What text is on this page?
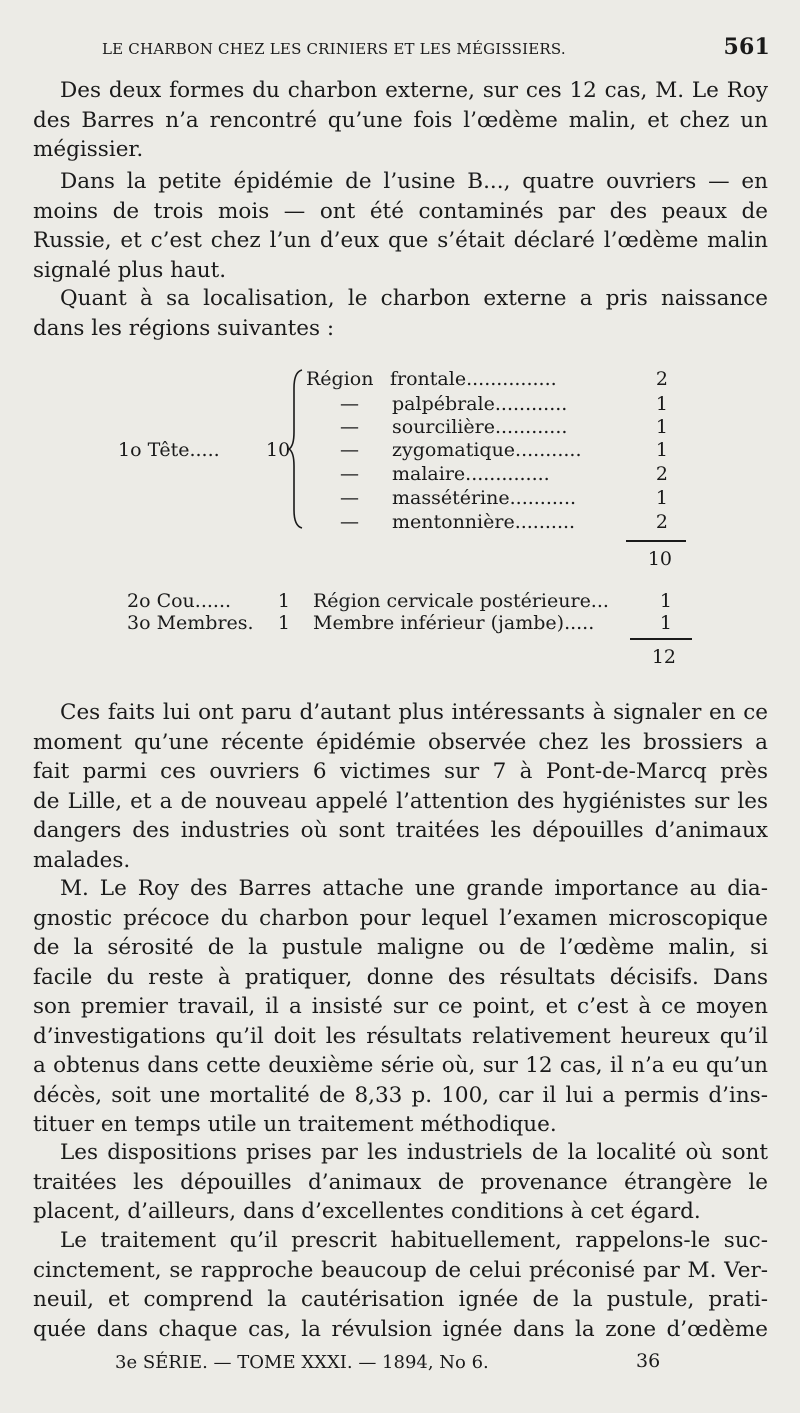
LE CHARBON CHEZ LES CRINIERS ET LES MÉGISSIERS.	561

Des deux formes du charbon externe, sur ces 12 cas, M. Le Roy
des Barres n’a rencontré qu’une fois l’œdème malin, et chez un
mégissier.

Dans la petite épidémie de l’usine B..., quatre ouvriers — en
moins de trois mois — ont été contaminés par des peaux de
Russie, et c’est chez l’un d’eux que s’était déclaré l’œdème malin
signalé plus haut.

Quant à sa localisation, le charbon externe a pris naissance
dans les régions suivantes :

1o Tête..... 10
Région frontale...............	2
— palpébrale............	1
— sourcilière............	1
— zygomatique...........	1
— malaire..............	2
— massétérine...........	1
— mentonnière..........	2
10
2o Cou......	1 Région cervicale postérieure...	1
3o Membres.	1 Membre inférieur (jambe).....	1
12

Ces faits lui ont paru d’autant plus intéressants à signaler en ce
moment qu’une récente épidémie observée chez les brossiers a
fait parmi ces ouvriers 6 victimes sur 7 à Pont-de-Marcq près
de Lille, et a de nouveau appelé l’attention des hygiénistes sur les
dangers des industries où sont traitées les dépouilles d’animaux
malades.

M. Le Roy des Barres attache une grande importance au dia-
gnostic précoce du charbon pour lequel l’examen microscopique
de la sérosité de la pustule maligne ou de l’œdème malin, si
facile du reste à pratiquer, donne des résultats décisifs. Dans
son premier travail, il a insisté sur ce point, et c’est à ce moyen
d’investigations qu’il doit les résultats relativement heureux qu’il
a obtenus dans cette deuxième série où, sur 12 cas, il n’a eu qu’un
décès, soit une mortalité de 8,33 p. 100, car il lui a permis d’ins-
tituer en temps utile un traitement méthodique.

Les dispositions prises par les industriels de la localité où sont
traitées les dépouilles d’animaux de provenance étrangère le
placent, d’ailleurs, dans d’excellentes conditions à cet égard.

Le traitement qu’il prescrit habituellement, rappelons-le suc-
cinctement, se rapproche beaucoup de celui préconisé par M. Ver-
neuil, et comprend la cautérisation ignée de la pustule, prati-
quée dans chaque cas, la révulsion ignée dans la zone d’œdème

3e SÉRIE. — TOME XXXI. — 1894, No 6.	36
